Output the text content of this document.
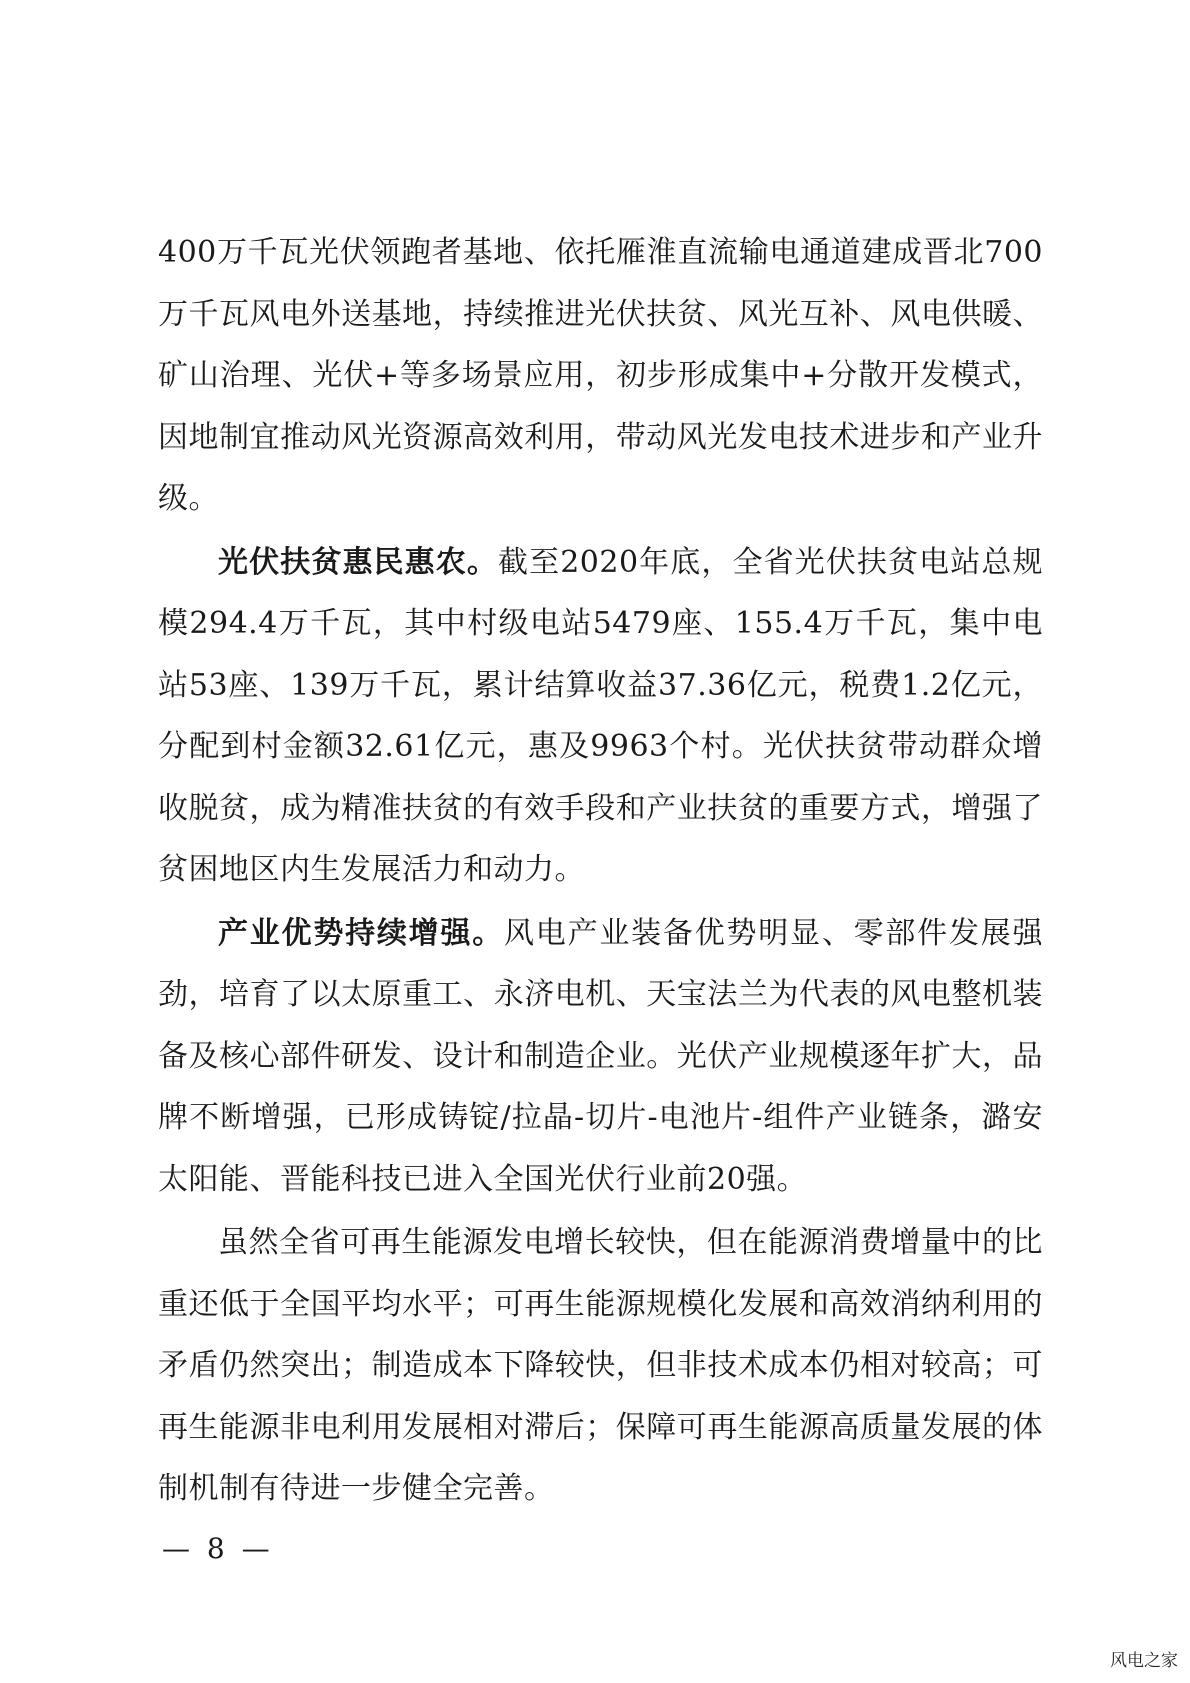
400万千瓦光伏领跑者基地、依托雁淮直流输电通道建成晋北700万千瓦风电外送基地，持续推进光伏扶贫、风光互补、风电供暖、矿山治理、光伏+等多场景应用，初步形成集中+分散开发模式，因地制宜推动风光资源高效利用，带动风光发电技术进步和产业升级。

光伏扶贫惠民惠农。截至2020年底，全省光伏扶贫电站总规模294.4万千瓦，其中村级电站5479座、155.4万千瓦，集中电站53座、139万千瓦，累计结算收益37.36亿元，税费1.2亿元，分配到村金额32.61亿元，惠及9963个村。光伏扶贫带动群众增收脱贫，成为精准扶贫的有效手段和产业扶贫的重要方式，增强了贫困地区内生发展活力和动力。

产业优势持续增强。风电产业装备优势明显、零部件发展强劲，培育了以太原重工、永济电机、天宝法兰为代表的风电整机装备及核心部件研发、设计和制造企业。光伏产业规模逐年扩大，品牌不断增强，已形成铸锭/拉晶-切片-电池片-组件产业链条，潞安太阳能、晋能科技已进入全国光伏行业前20强。

虽然全省可再生能源发电增长较快，但在能源消费增量中的比重还低于全国平均水平；可再生能源规模化发展和高效消纳利用的矛盾仍然突出；制造成本下降较快，但非技术成本仍相对较高；可再生能源非电利用发展相对滞后；保障可再生能源高质量发展的体制机制有待进一步健全完善。

— 8 —
风电之家
